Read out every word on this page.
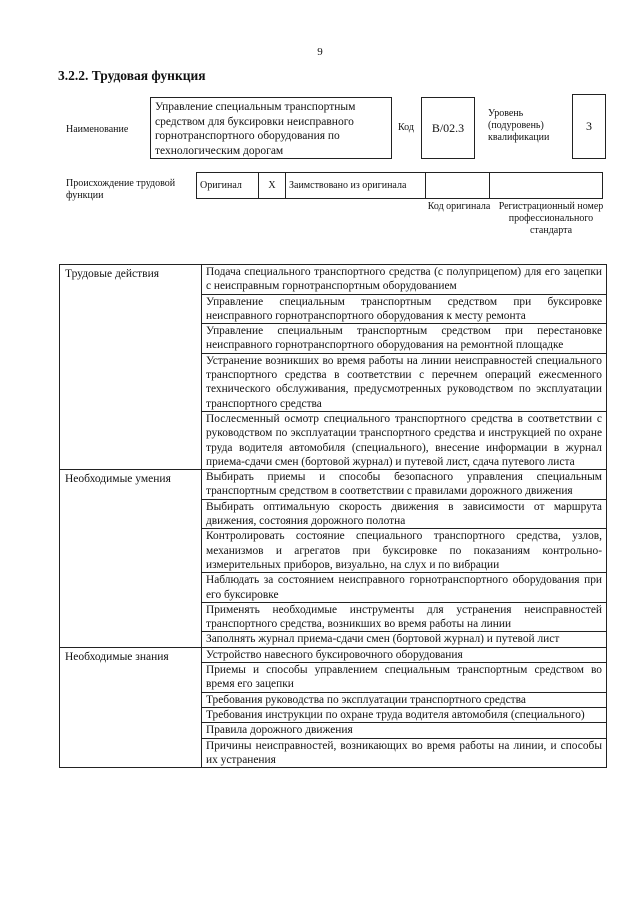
9
3.2.2. Трудовая функция
Наименование
Управление специальным транспортным средством для буксировки неисправного горнотранспортного оборудования по технологическим дорогам
Код B/02.3
Уровень (подуровень) квалификации
3
Происхождение трудовой функции
Оригинал	X	Заимствовано из оригинала		
Код оригинала Регистрационный номер профессионального стандарта
Трудовые действия	Подача специального транспортного средства (с полуприцепом) для его зацепки с неисправным горнотранспортным оборудованием
	Управление специальным транспортным средством при буксировке неисправного горнотранспортного оборудования к месту ремонта
	Управление специальным транспортным средством при перестановке неисправного горнотранспортного оборудования на ремонтной площадке
	Устранение возникших во время работы на линии неисправностей специального транспортного средства в соответствии с перечнем операций ежесменного технического обслуживания, предусмотренных руководством по эксплуатации транспортного средства
	Послесменный осмотр специального транспортного средства в соответствии с руководством по эксплуатации транспортного средства и инструкцией по охране труда водителя автомобиля (специального), внесение информации в журнал приема-сдачи смен (бортовой журнал) и путевой лист, сдача путевого листа
Необходимые умения	Выбирать приемы и способы безопасного управления специальным транспортным средством в соответствии с правилами дорожного движения
	Выбирать оптимальную скорость движения в зависимости от маршрута движения, состояния дорожного полотна
	Контролировать состояние специального транспортного средства, узлов, механизмов и агрегатов при буксировке по показаниям контрольно-измерительных приборов, визуально, на слух и по вибрации
	Наблюдать за состоянием неисправного горнотранспортного оборудования при его буксировке
	Применять необходимые инструменты для устранения неисправностей транспортного средства, возникших во время работы на линии
	Заполнять журнал приема-сдачи смен (бортовой журнал) и путевой лист
Необходимые знания	Устройство навесного буксировочного оборудования
	Приемы и способы управлением специальным транспортным средством во время его зацепки
	Требования руководства по эксплуатации транспортного средства
	Требования инструкции по охране труда водителя автомобиля (специального)
	Правила дорожного движения
	Причины неисправностей, возникающих во время работы на линии, и способы их устранения
